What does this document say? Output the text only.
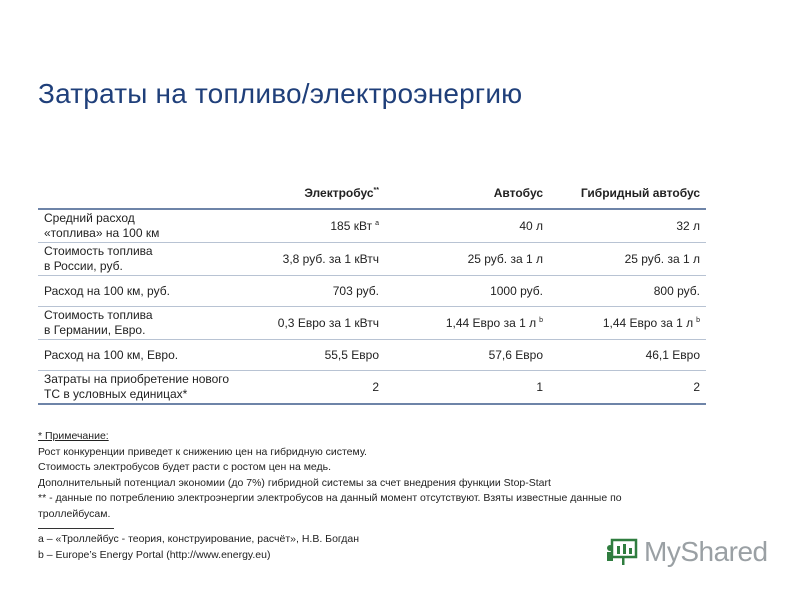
Затраты на топливо/электроэнергию
	Электробус**	Автобус	Гибридный автобус
Средний расход
«топлива» на 100 км	185 кВт $^a$	40 л	32 л
Стоимость топлива
в России, руб.	3,8 руб. за 1 кВтч	25 руб. за 1 л	25 руб. за 1 л
Расход на 100 км, руб.	703 руб.	1000 руб.	800 руб.
Стоимость топлива
в Германии, Евро.	0,3 Евро за 1 кВтч	1,44 Евро за 1 л $^b$	1,44 Евро за 1 л $^b$
Расход на 100 км, Евро.	55,5 Евро	57,6 Евро	46,1 Евро
Затраты на приобретение нового
ТС в условных единицах*	2	1	2
* Примечание:
Рост конкуренции приведет к снижению цен на гибридную систему.
Стоимость электробусов будет расти с ростом цен на медь.
Дополнительный потенциал экономии (до 7%) гибридной системы за счет внедрения функции Stop-Start
** - данные по потреблению электроэнергии электробусов на данный момент отсутствуют. Взяты известные данные по троллейбусам.
a – «Троллейбус - теория, конструирование, расчёт», Н.В. Богдан
b – Europe’s Energy Portal (http://www.energy.eu)	MyShared
